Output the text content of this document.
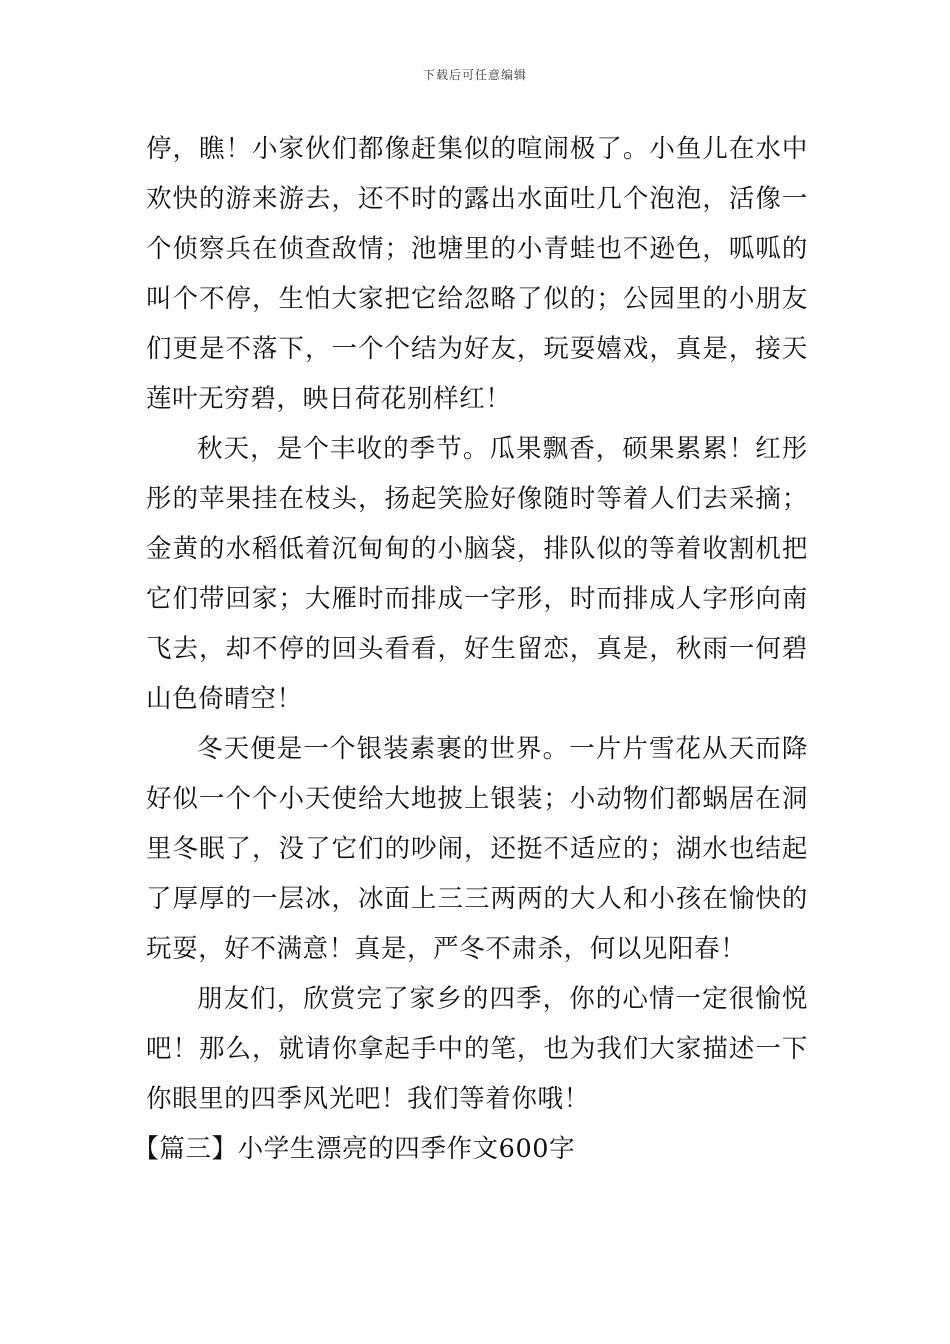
下载后可任意编辑

停，瞧！小家伙们都像赶集似的喧闹极了。小鱼儿在水中欢快的游来游去，还不时的露出水面吐几个泡泡，活像一个侦察兵在侦查敌情；池塘里的小青蛙也不逊色，呱呱的叫个不停，生怕大家把它给忽略了似的；公园里的小朋友们更是不落下，一个个结为好友，玩耍嬉戏，真是，接天莲叶无穷碧，映日荷花别样红！

秋天，是个丰收的季节。瓜果飘香，硕果累累！红彤彤的苹果挂在枝头，扬起笑脸好像随时等着人们去采摘；金黄的水稻低着沉甸甸的小脑袋，排队似的等着收割机把它们带回家；大雁时而排成一字形，时而排成人字形向南飞去，却不停的回头看看，好生留恋，真是，秋雨一何碧山色倚晴空！

冬天便是一个银装素裹的世界。一片片雪花从天而降好似一个个小天使给大地披上银装；小动物们都蜗居在洞里冬眠了，没了它们的吵闹，还挺不适应的；湖水也结起了厚厚的一层冰，冰面上三三两两的大人和小孩在愉快的玩耍，好不满意！真是，严冬不肃杀，何以见阳春！

朋友们，欣赏完了家乡的四季，你的心情一定很愉悦吧！那么，就请你拿起手中的笔，也为我们大家描述一下你眼里的四季风光吧！我们等着你哦！

【篇三】小学生漂亮的四季作文600字
